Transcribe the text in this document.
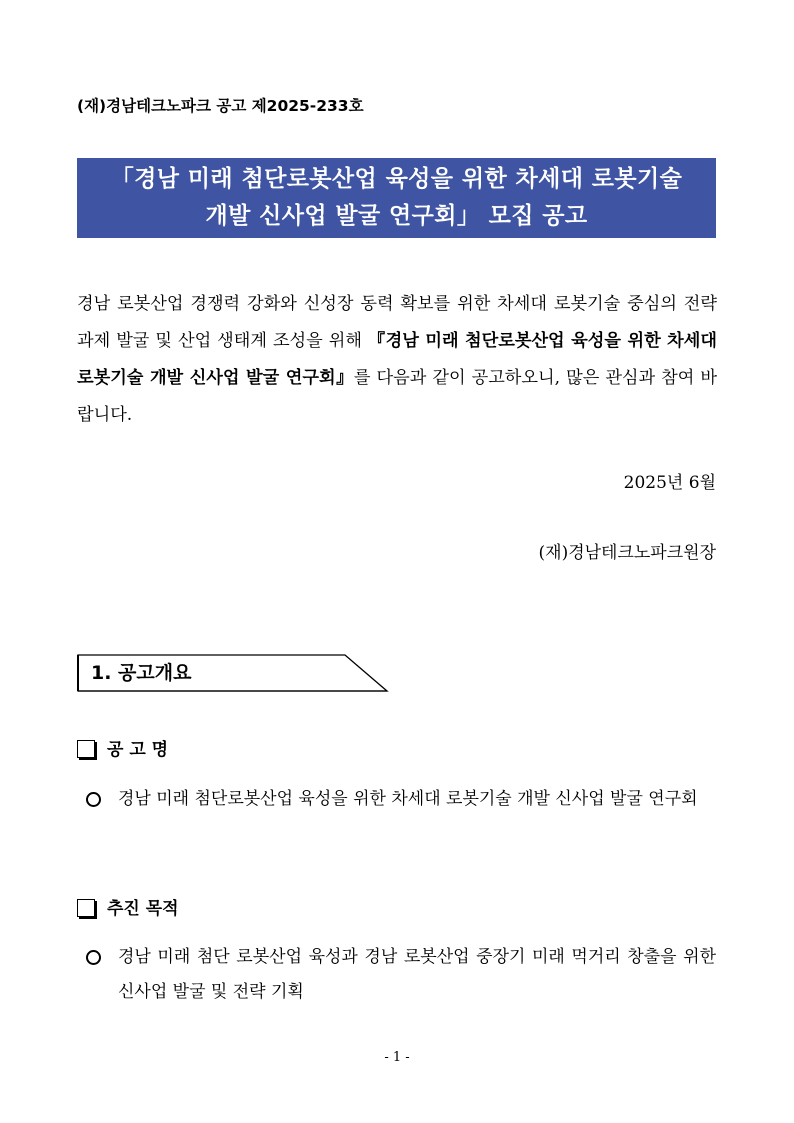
(재)경남테크노파크 공고 제2025-233호
「경남 미래 첨단로봇산업 육성을 위한 차세대 로봇기술
개발 신사업 발굴 연구회」 모집 공고
경남 로봇산업 경쟁력 강화와 신성장 동력 확보를 위한 차세대 로봇기술 중심의 전략과제 발굴 및 산업 생태계 조성을 위해 『경남 미래 첨단로봇산업 육성을 위한 차세대 로봇기술 개발 신사업 발굴 연구회』를 다음과 같이 공고하오니, 많은 관심과 참여 바랍니다.
2025년 6월
(재)경남테크노파크원장
1. 공고개요
공 고 명
경남 미래 첨단로봇산업 육성을 위한 차세대 로봇기술 개발 신사업 발굴 연구회
추진 목적
경남 미래 첨단 로봇산업 육성과 경남 로봇산업 중장기 미래 먹거리 창출을 위한 신사업 발굴 및 전략 기획
- 1 -
